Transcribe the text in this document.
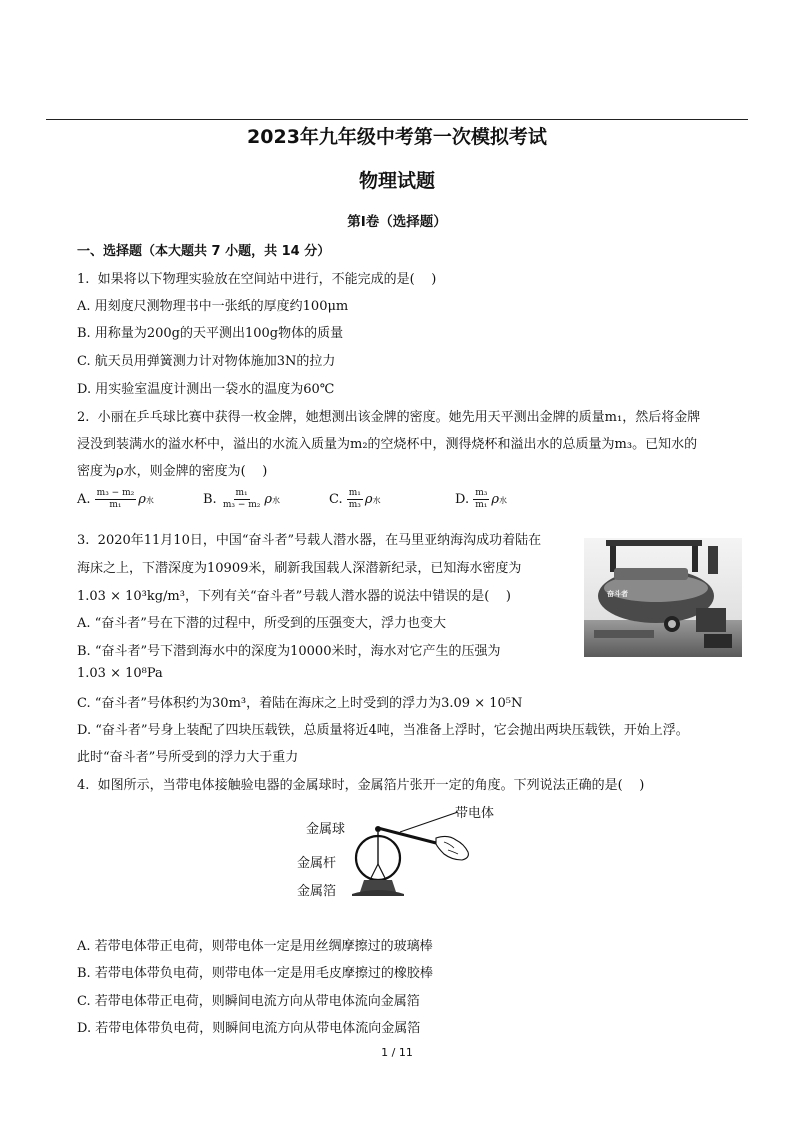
2023年九年级中考第一次模拟考试
物理试题
第Ⅰ卷（选择题）
一、选择题（本大题共 7 小题，共 14 分）
1.  如果将以下物理实验放在空间站中进行，不能完成的是(    )
A. 用刻度尺测物理书中一张纸的厚度约100μm
B. 用称量为200g的天平测出100g物体的质量
C. 航天员用弹簧测力计对物体施加3N的拉力
D. 用实验室温度计测出一袋水的温度为60℃
2.  小丽在乒乓球比赛中获得一枚金牌，她想测出该金牌的密度。她先用天平测出金牌的质量m₁，然后将金牌
浸没到装满水的溢水杯中，溢出的水流入质量为m₂的空烧杯中，测得烧杯和溢出水的总质量为m₃。已知水的
密度为ρ水，则金牌的密度为(    )
A. $\frac{\text{m₃ − m₂}}{\text{m₁}}$ ρ水	B. $\frac{\text{m₁}}{\text{m₃ − m₂}}$ ρ水	C. $\frac{\text{m₁}}{\text{m₃}}$ ρ水	D. $\frac{\text{m₃}}{\text{m₁}}$ ρ水
3.  2020年11月10日，中国“奋斗者”号载人潜水器，在马里亚纳海沟成功着陆在
海床之上，下潜深度为10909米，刷新我国载人深潜新纪录，已知海水密度为
1.03 × 10³kg/m³，下列有关“奋斗者”号载人潜水器的说法中错误的是(    )
A. “奋斗者”号在下潜的过程中，所受到的压强变大，浮力也变大
B. “奋斗者”号下潜到海水中的深度为10000米时，海水对它产生的压强为
1.03 × 10⁸Pa
C. “奋斗者”号体积约为30m³，着陆在海床之上时受到的浮力为3.09 × 10⁵N
D. “奋斗者”号身上装配了四块压载铁，总质量将近4吨，当准备上浮时，它会抛出两块压载铁，开始上浮。
此时“奋斗者”号所受到的浮力大于重力
奋斗者
4.  如图所示，当带电体接触验电器的金属球时，金属箔片张开一定的角度。下列说法正确的是(    )
带电体
金属球
金属杆
金属箔
A. 若带电体带正电荷，则带电体一定是用丝绸摩擦过的玻璃棒
B. 若带电体带负电荷，则带电体一定是用毛皮摩擦过的橡胶棒
C. 若带电体带正电荷，则瞬间电流方向从带电体流向金属箔
D. 若带电体带负电荷，则瞬间电流方向从带电体流向金属箔
1 / 11
